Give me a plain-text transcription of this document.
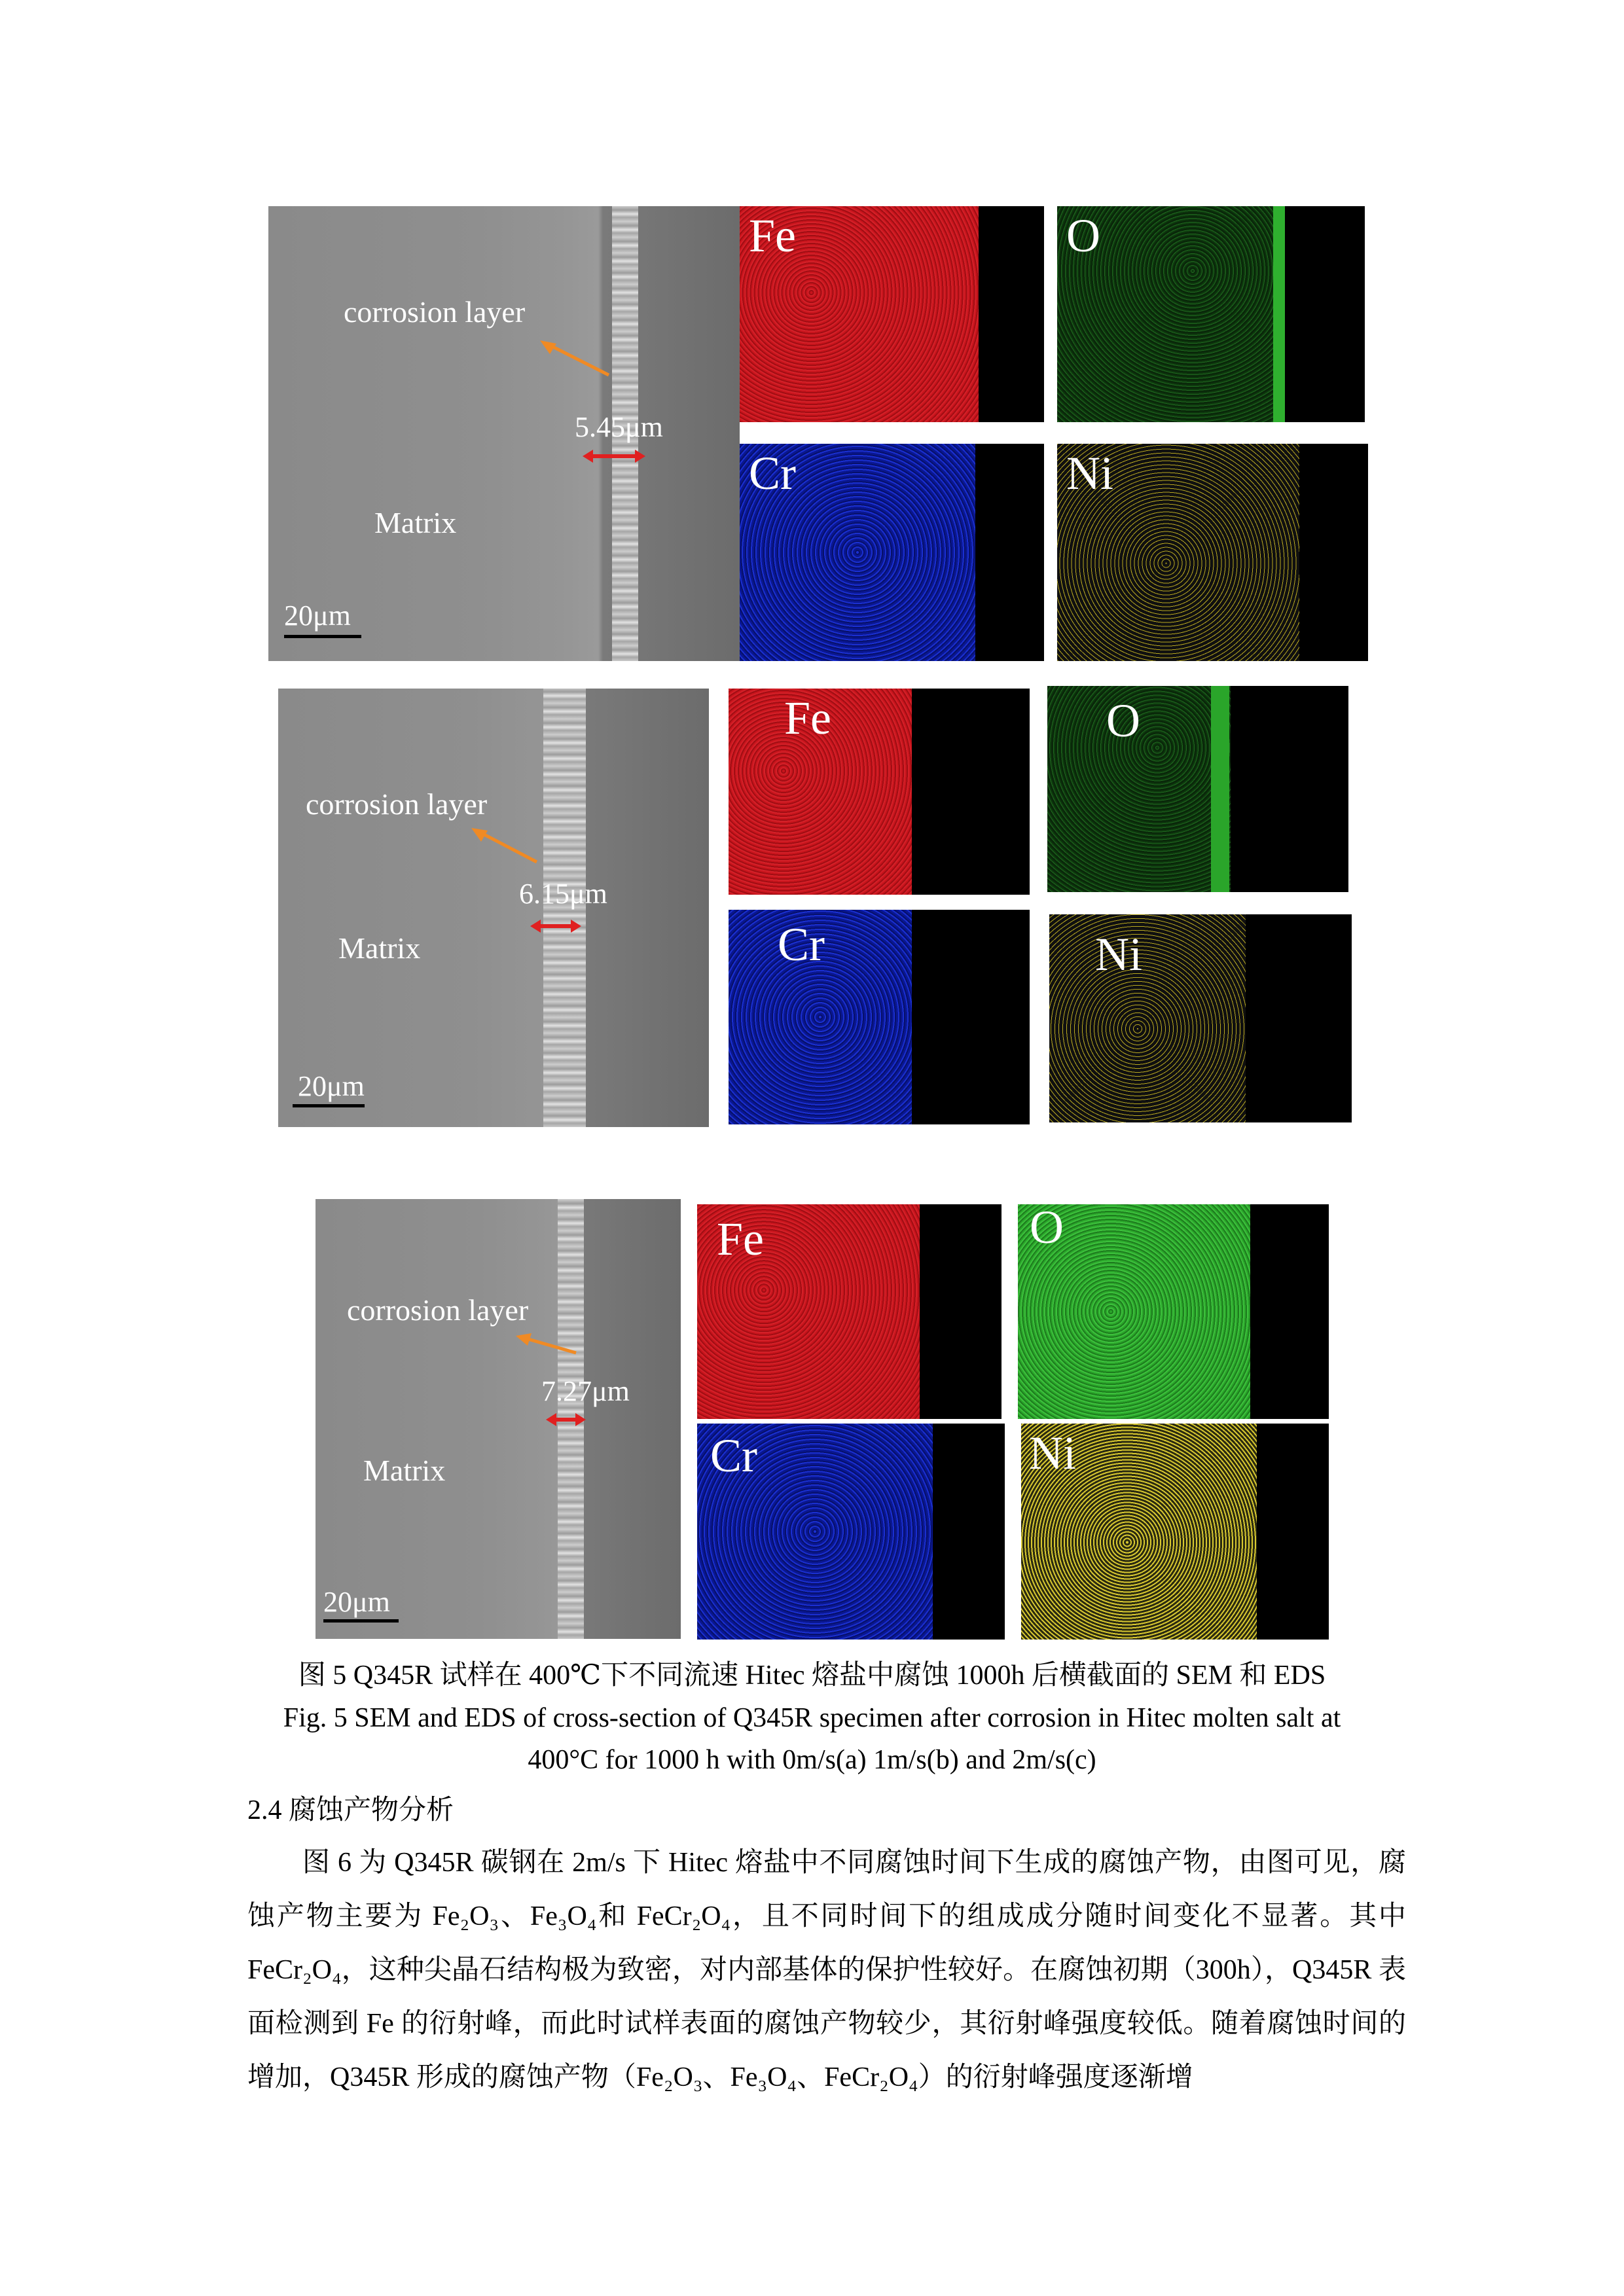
corrosion layer
5.45μm
Matrix
20μm
Fe	O
Cr	Ni
corrosion layer
6.15μm
Matrix
20μm
Fe	O
Cr	Ni
corrosion layer
7.27μm
Matrix
20μm
Fe	O
Cr	Ni
图 5 Q345R 试样在 400℃下不同流速 Hitec 熔盐中腐蚀 1000h 后横截面的 SEM 和 EDS
Fig. 5 SEM and EDS of cross-section of Q345R specimen after corrosion in Hitec molten salt at
400°C for 1000 h with 0m/s(a) 1m/s(b) and 2m/s(c)
2.4 腐蚀产物分析
图 6 为 Q345R 碳钢在 2m/s 下 Hitec 熔盐中不同腐蚀时间下生成的腐蚀产物，由图可见，腐蚀产物主要为 Fe₂O₃、Fe₃O₄和 FeCr₂O₄，且不同时间下的组成成分随时间变化不显著。其中 FeCr₂O₄，这种尖晶石结构极为致密，对内部基体的保护性较好。在腐蚀初期（300h），Q345R 表面检测到 Fe 的衍射峰，而此时试样表面的腐蚀产物较少，其衍射峰强度较低。随着腐蚀时间的增加，Q345R 形成的腐蚀产物（Fe₂O₃、Fe₃O₄、FeCr₂O₄）的衍射峰强度逐渐增
